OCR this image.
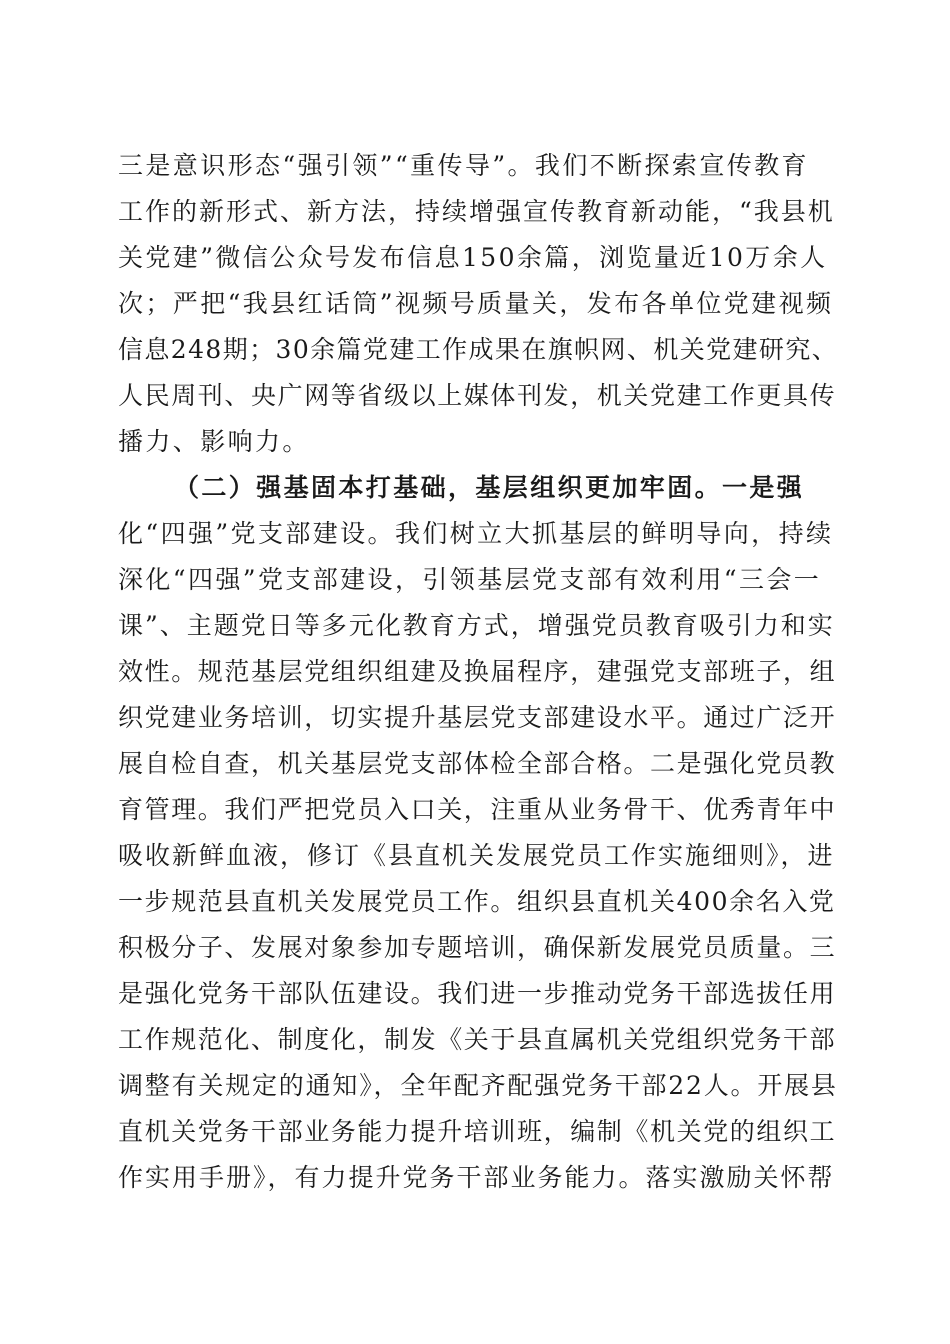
三是意识形态“强引领”“重传导”。我们不断探索宣传教育
工作的新形式、新方法，持续增强宣传教育新动能，“我县机
关党建”微信公众号发布信息150余篇，浏览量近10万余人
次；严把“我县红话筒”视频号质量关，发布各单位党建视频
信息248期；30余篇党建工作成果在旗帜网、机关党建研究、
人民周刊、央广网等省级以上媒体刊发，机关党建工作更具传
播力、影响力。
（二）强基固本打基础，基层组织更加牢固。一是强
化“四强”党支部建设。我们树立大抓基层的鲜明导向，持续
深化“四强”党支部建设，引领基层党支部有效利用“三会一
课”、主题党日等多元化教育方式，增强党员教育吸引力和实
效性。规范基层党组织组建及换届程序，建强党支部班子，组
织党建业务培训，切实提升基层党支部建设水平。通过广泛开
展自检自查，机关基层党支部体检全部合格。二是强化党员教
育管理。我们严把党员入口关，注重从业务骨干、优秀青年中
吸收新鲜血液，修订《县直机关发展党员工作实施细则》，进
一步规范县直机关发展党员工作。组织县直机关400余名入党
积极分子、发展对象参加专题培训，确保新发展党员质量。三
是强化党务干部队伍建设。我们进一步推动党务干部选拔任用
工作规范化、制度化，制发《关于县直属机关党组织党务干部
调整有关规定的通知》，全年配齐配强党务干部22人。开展县
直机关党务干部业务能力提升培训班，编制《机关党的组织工
作实用手册》，有力提升党务干部业务能力。落实激励关怀帮
